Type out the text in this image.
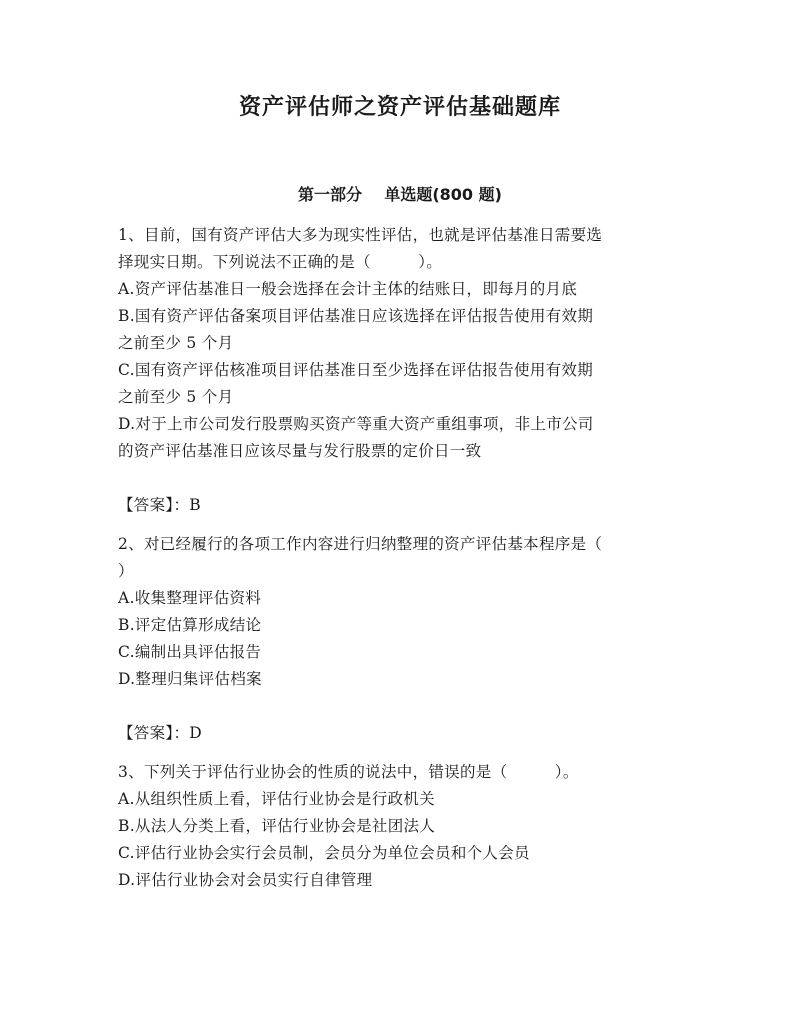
资产评估师之资产评估基础题库
第一部分    单选题(800 题)

1、目前，国有资产评估大多为现实性评估，也就是评估基准日需要选

择现实日期。下列说法不正确的是（　　　）。

A.资产评估基准日一般会选择在会计主体的结账日，即每月的月底

B.国有资产评估备案项目评估基准日应该选择在评估报告使用有效期

之前至少 5 个月

C.国有资产评估核准项目评估基准日至少选择在评估报告使用有效期

之前至少 5 个月

D.对于上市公司发行股票购买资产等重大资产重组事项，非上市公司

的资产评估基准日应该尽量与发行股票的定价日一致

【答案】：B

2、对已经履行的各项工作内容进行归纳整理的资产评估基本程序是（

）

A.收集整理评估资料

B.评定估算形成结论

C.编制出具评估报告

D.整理归集评估档案

【答案】：D

3、下列关于评估行业协会的性质的说法中，错误的是（　　　）。

A.从组织性质上看，评估行业协会是行政机关

B.从法人分类上看，评估行业协会是社团法人

C.评估行业协会实行会员制，会员分为单位会员和个人会员

D.评估行业协会对会员实行自律管理
